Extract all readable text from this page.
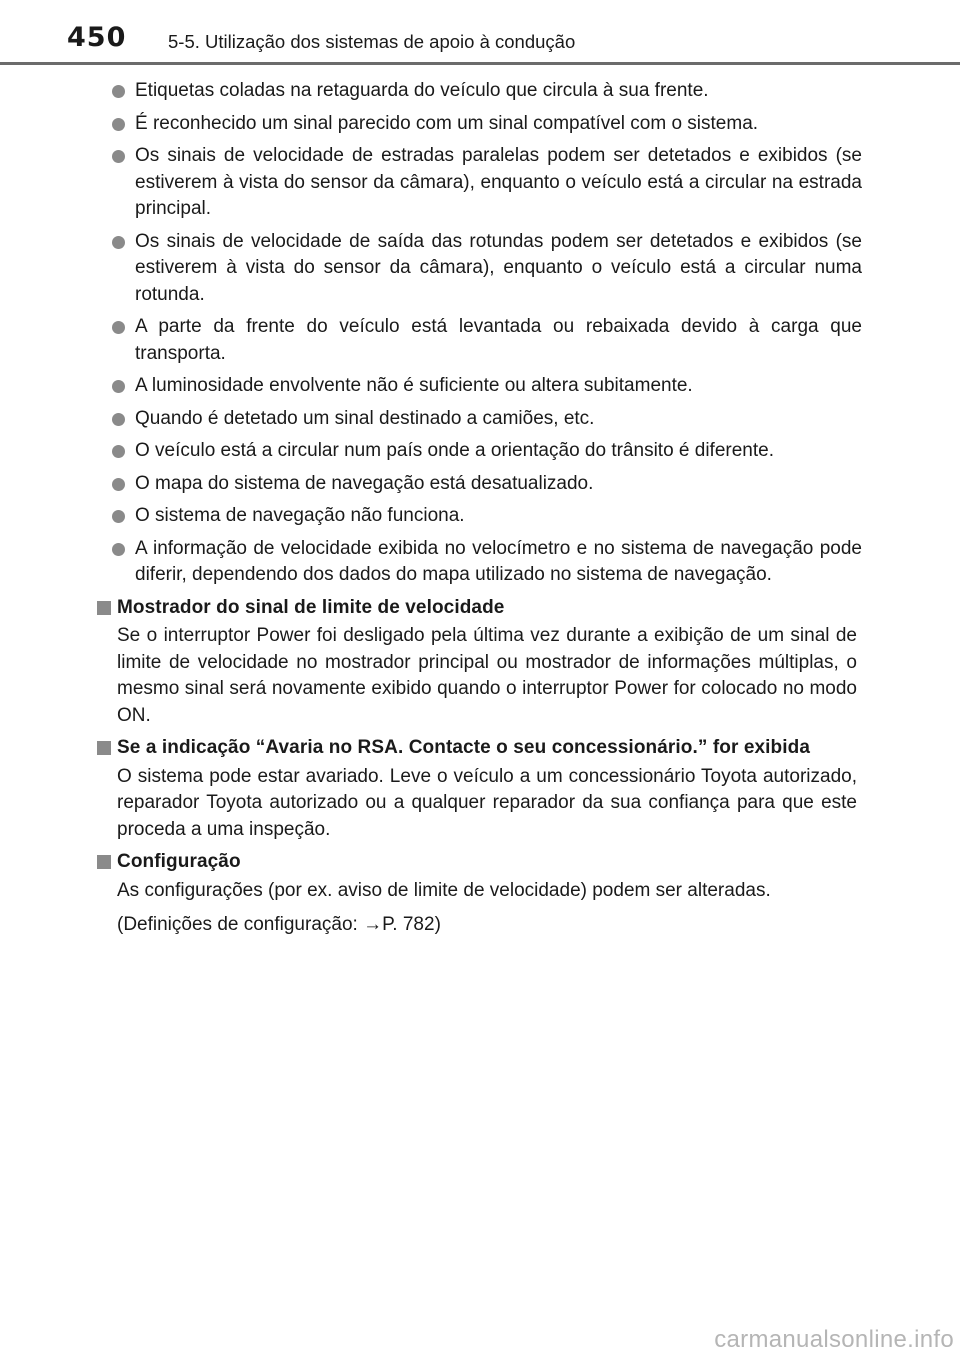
450 5-5. Utilização dos sistemas de apoio à condução
Etiquetas coladas na retaguarda do veículo que circula à sua frente.
É reconhecido um sinal parecido com um sinal compatível com o sistema.
Os sinais de velocidade de estradas paralelas podem ser detetados e exibidos (se estiverem à vista do sensor da câmara), enquanto o veículo está a circular na estrada principal.
Os sinais de velocidade de saída das rotundas podem ser detetados e exibidos (se estiverem à vista do sensor da câmara), enquanto o veículo está a circular numa rotunda.
A parte da frente do veículo está levantada ou rebaixada devido à carga que transporta.
A luminosidade envolvente não é suficiente ou altera subitamente.
Quando é detetado um sinal destinado a camiões, etc.
O veículo está a circular num país onde a orientação do trânsito é diferente.
O mapa do sistema de navegação está desatualizado.
O sistema de navegação não funciona.
A informação de velocidade exibida no velocímetro e no sistema de navegação pode diferir, dependendo dos dados do mapa utilizado no sistema de navegação.
Mostrador do sinal de limite de velocidade

Se o interruptor Power foi desligado pela última vez durante a exibição de um sinal de limite de velocidade no mostrador principal ou mostrador de informações múltiplas, o mesmo sinal será novamente exibido quando o interruptor Power for colocado no modo ON.

Se a indicação “Avaria no RSA. Contacte o seu concessionário.” for exibida

O sistema pode estar avariado. Leve o veículo a um concessionário Toyota autorizado, reparador Toyota autorizado ou a qualquer reparador da sua confiança para que este proceda a uma inspeção.

Configuração

As configurações (por ex. aviso de limite de velocidade) podem ser alteradas.

(Definições de configuração: →P. 782)

carmanualsonline.info
